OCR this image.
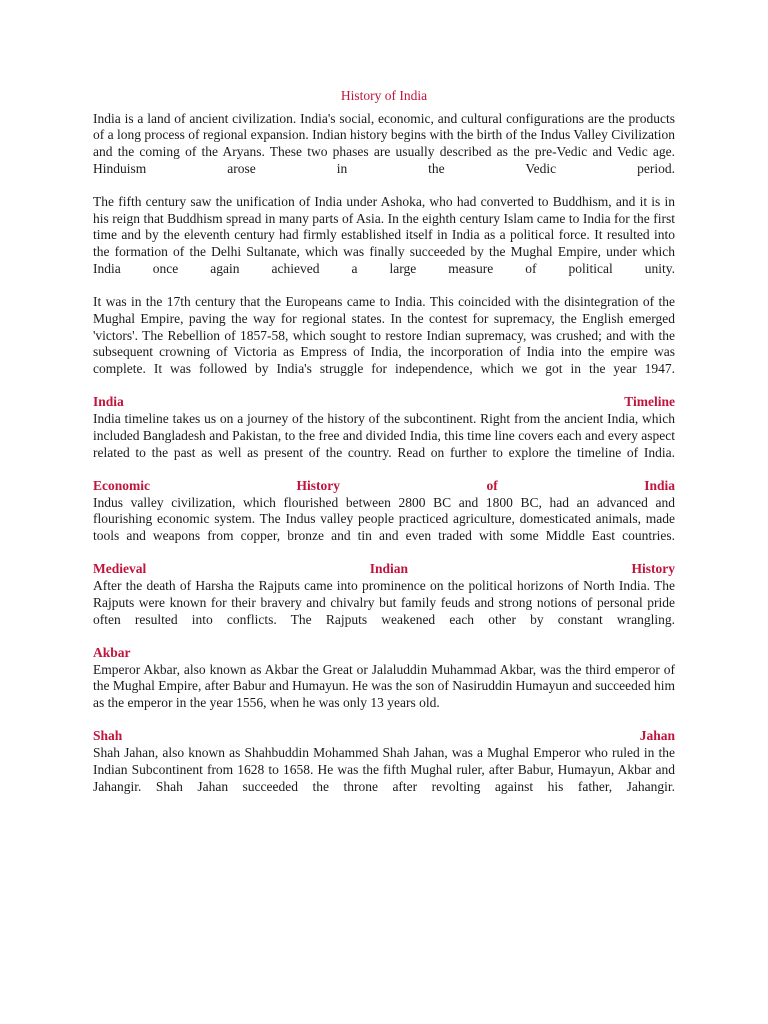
History of India

India is a land of ancient civilization. India's social, economic, and cultural configurations are the products of a long process of regional expansion. Indian history begins with the birth of the Indus Valley Civilization and the coming of the Aryans. These two phases are usually described as the pre-Vedic and Vedic age. Hinduism arose in the Vedic period.

The fifth century saw the unification of India under Ashoka, who had converted to Buddhism, and it is in his reign that Buddhism spread in many parts of Asia. In the eighth century Islam came to India for the first time and by the eleventh century had firmly established itself in India as a political force. It resulted into the formation of the Delhi Sultanate, which was finally succeeded by the Mughal Empire, under which India once again achieved a large measure of political unity.

It was in the 17th century that the Europeans came to India. This coincided with the disintegration of the Mughal Empire, paving the way for regional states. In the contest for supremacy, the English emerged 'victors'. The Rebellion of 1857-58, which sought to restore Indian supremacy, was crushed; and with the subsequent crowning of Victoria as Empress of India, the incorporation of India into the empire was complete. It was followed by India's struggle for independence, which we got in the year 1947.

India Timeline

India timeline takes us on a journey of the history of the subcontinent. Right from the ancient India, which included Bangladesh and Pakistan, to the free and divided India, this time line covers each and every aspect related to the past as well as present of the country. Read on further to explore the timeline of India.

Economic History of India

Indus valley civilization, which flourished between 2800 BC and 1800 BC, had an advanced and flourishing economic system. The Indus valley people practiced agriculture, domesticated animals, made tools and weapons from copper, bronze and tin and even traded with some Middle East countries.

Medieval Indian History

After the death of Harsha the Rajputs came into prominence on the political horizons of North India. The Rajputs were known for their bravery and chivalry but family feuds and strong notions of personal pride often resulted into conflicts. The Rajputs weakened each other by constant wrangling.

Akbar

Emperor Akbar, also known as Akbar the Great or Jalaluddin Muhammad Akbar, was the third emperor of the Mughal Empire, after Babur and Humayun. He was the son of Nasiruddin Humayun and succeeded him as the emperor in the year 1556, when he was only 13 years old.

Shah Jahan

Shah Jahan, also known as Shahbuddin Mohammed Shah Jahan, was a Mughal Emperor who ruled in the Indian Subcontinent from 1628 to 1658. He was the fifth Mughal ruler, after Babur, Humayun, Akbar and Jahangir. Shah Jahan succeeded the throne after revolting against his father, Jahangir.
